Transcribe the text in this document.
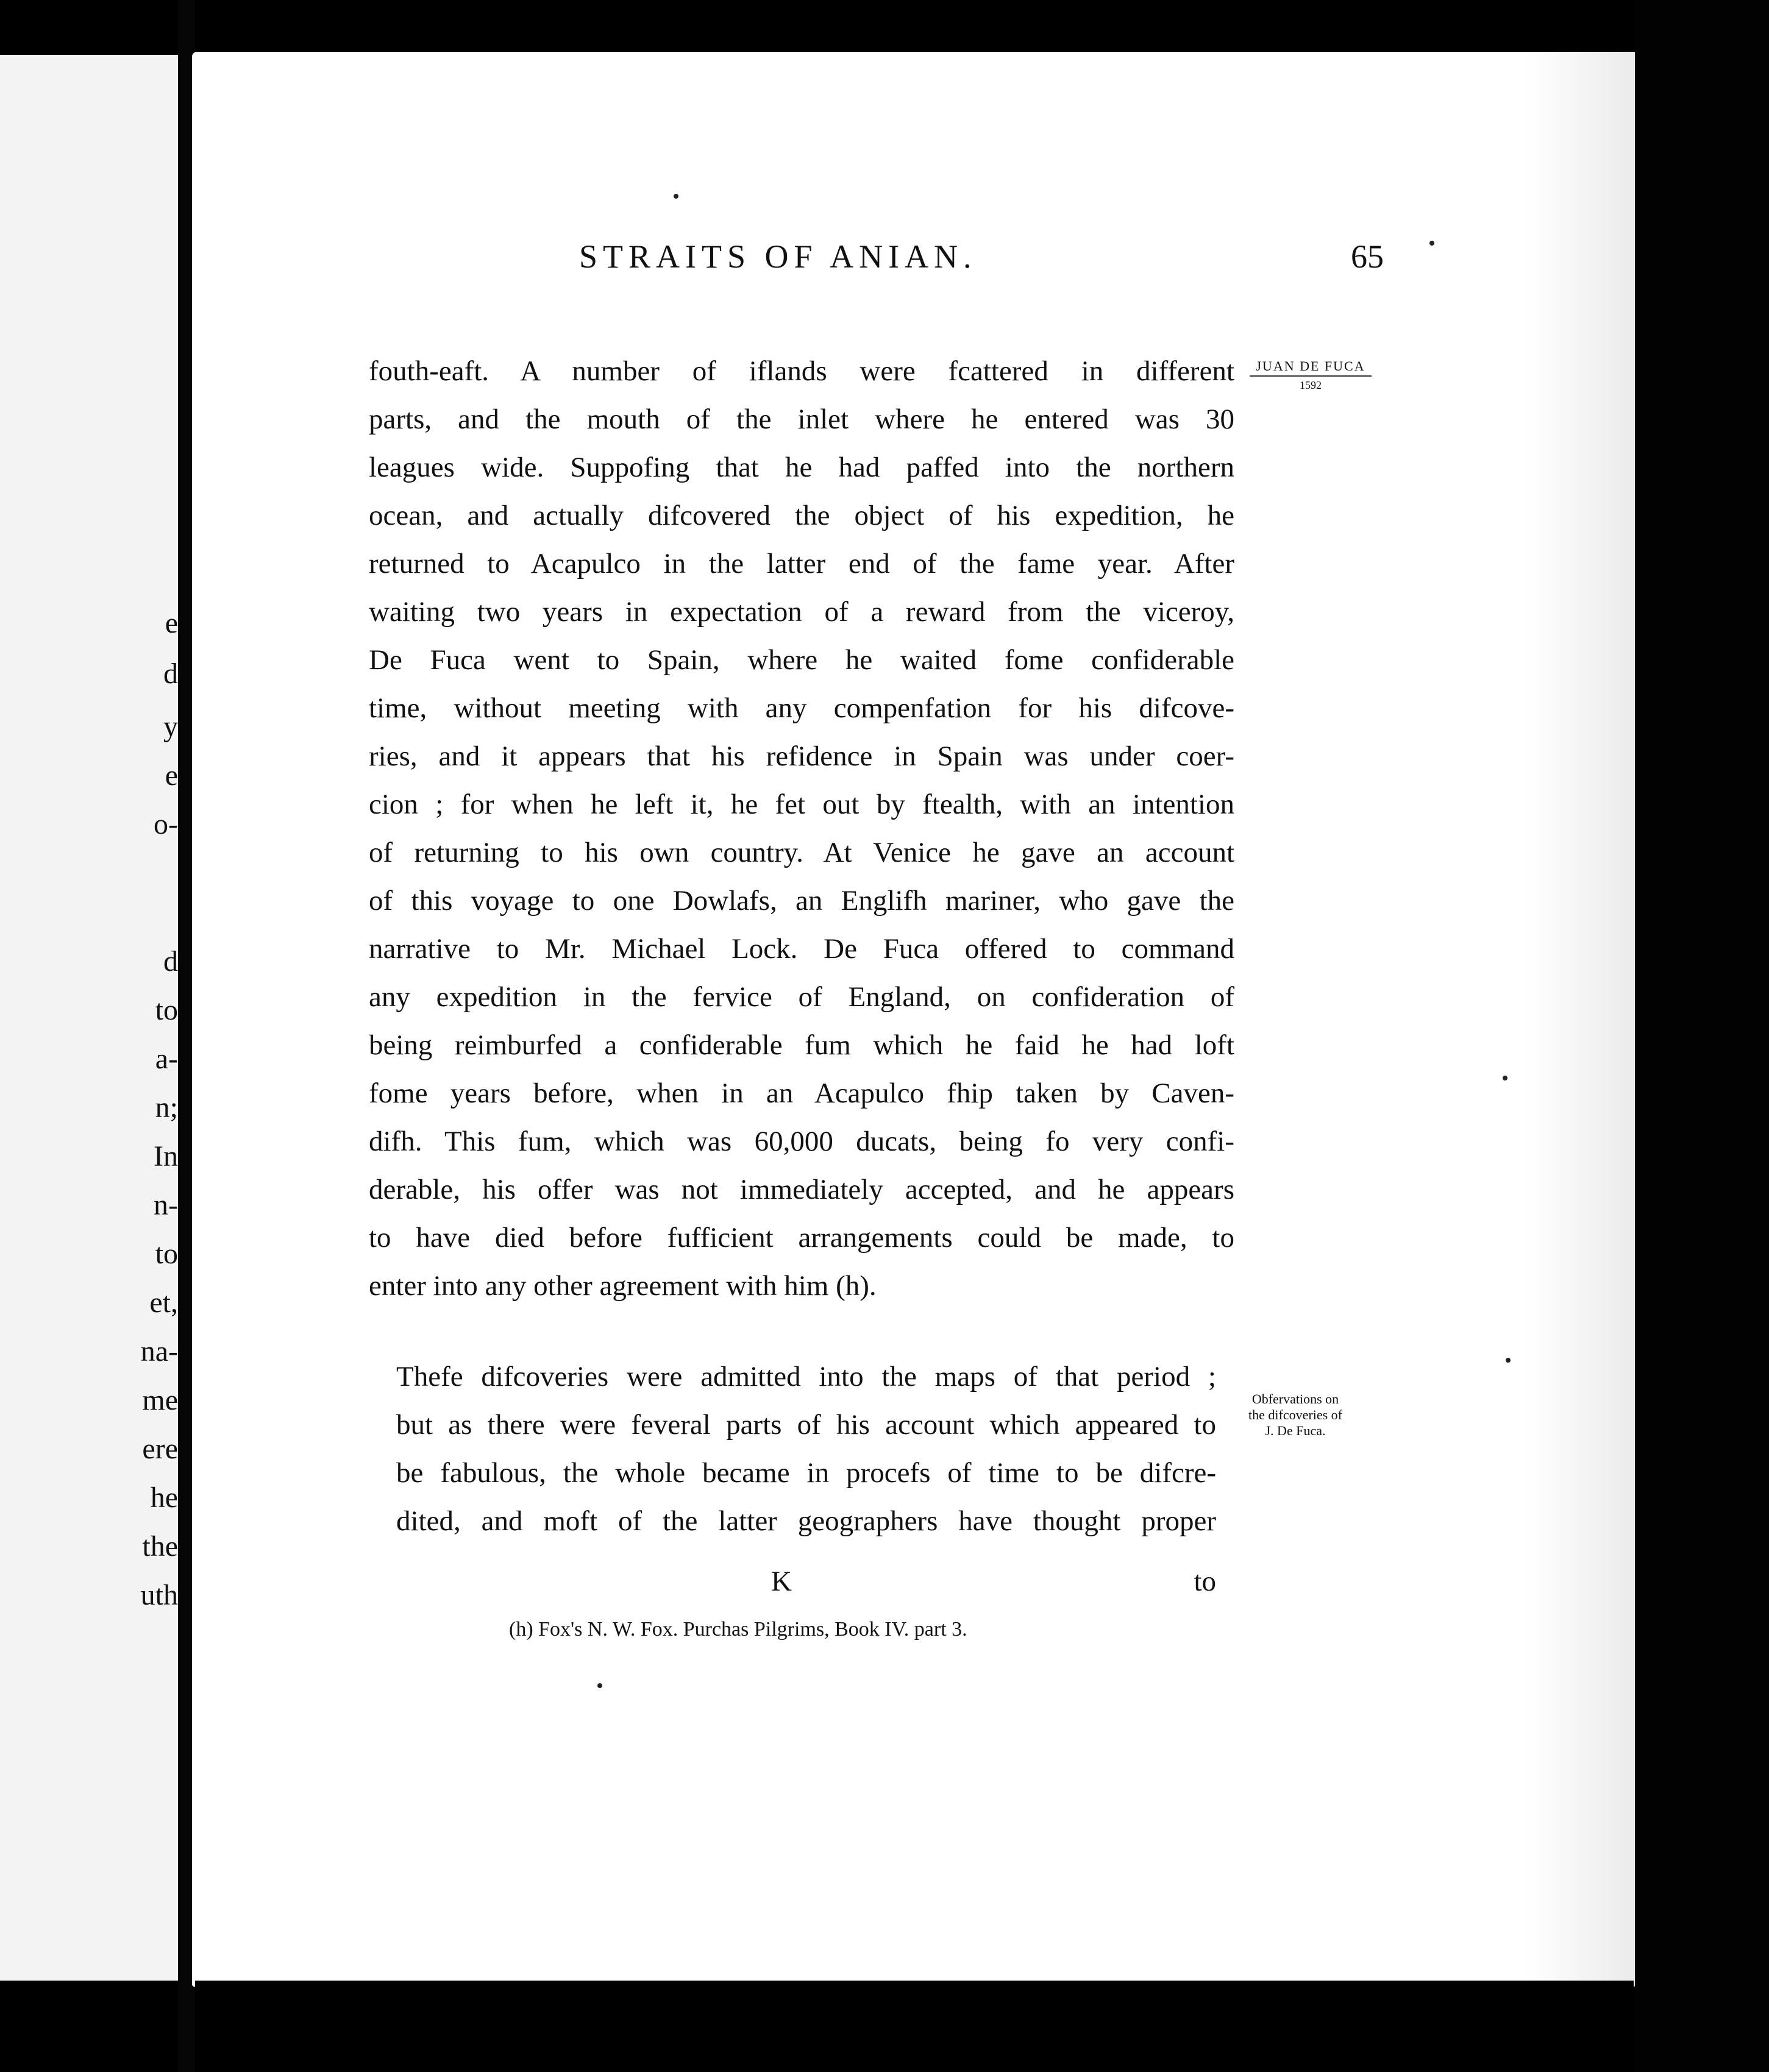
e
d
y
e
o-
d
to
a-
n;
In
n-
to
et,
na-
me
ere
he
the
uth
STRAITS OF ANIAN.	65
JUAN DE FUCA
1592
fouth-eaft. A number of iflands were fcattered in different
parts, and the mouth of the inlet where he entered was 30
leagues wide. Suppofing that he had paffed into the northern
ocean, and actually difcovered the object of his expedition, he
returned to Acapulco in the latter end of the fame year. After
waiting two years in expectation of a reward from the viceroy,
De Fuca went to Spain, where he waited fome confiderable
time, without meeting with any compenfation for his difcove-
ries, and it appears that his refidence in Spain was under coer-
cion ; for when he left it, he fet out by ftealth, with an intention
of returning to his own country. At Venice he gave an account
of this voyage to one Dowlafs, an Englifh mariner, who gave the
narrative to Mr. Michael Lock. De Fuca offered to command
any expedition in the fervice of England, on confideration of
being reimburfed a confiderable fum which he faid he had loft
fome years before, when in an Acapulco fhip taken by Caven-
difh. This fum, which was 60,000 ducats, being fo very confi-
derable, his offer was not immediately accepted, and he appears
to have died before fufficient arrangements could be made, to
enter into any other agreement with him (h).
Thefe difcoveries were admitted into the maps of that period ;
but as there were feveral parts of his account which appeared to
be fabulous, the whole became in procefs of time to be difcre-
dited, and moft of the latter geographers have thought proper
Obfervations on
the difcoveries of
J. De Fuca.
K	to
(h) Fox's N. W. Fox. Purchas Pilgrims, Book IV. part 3.
